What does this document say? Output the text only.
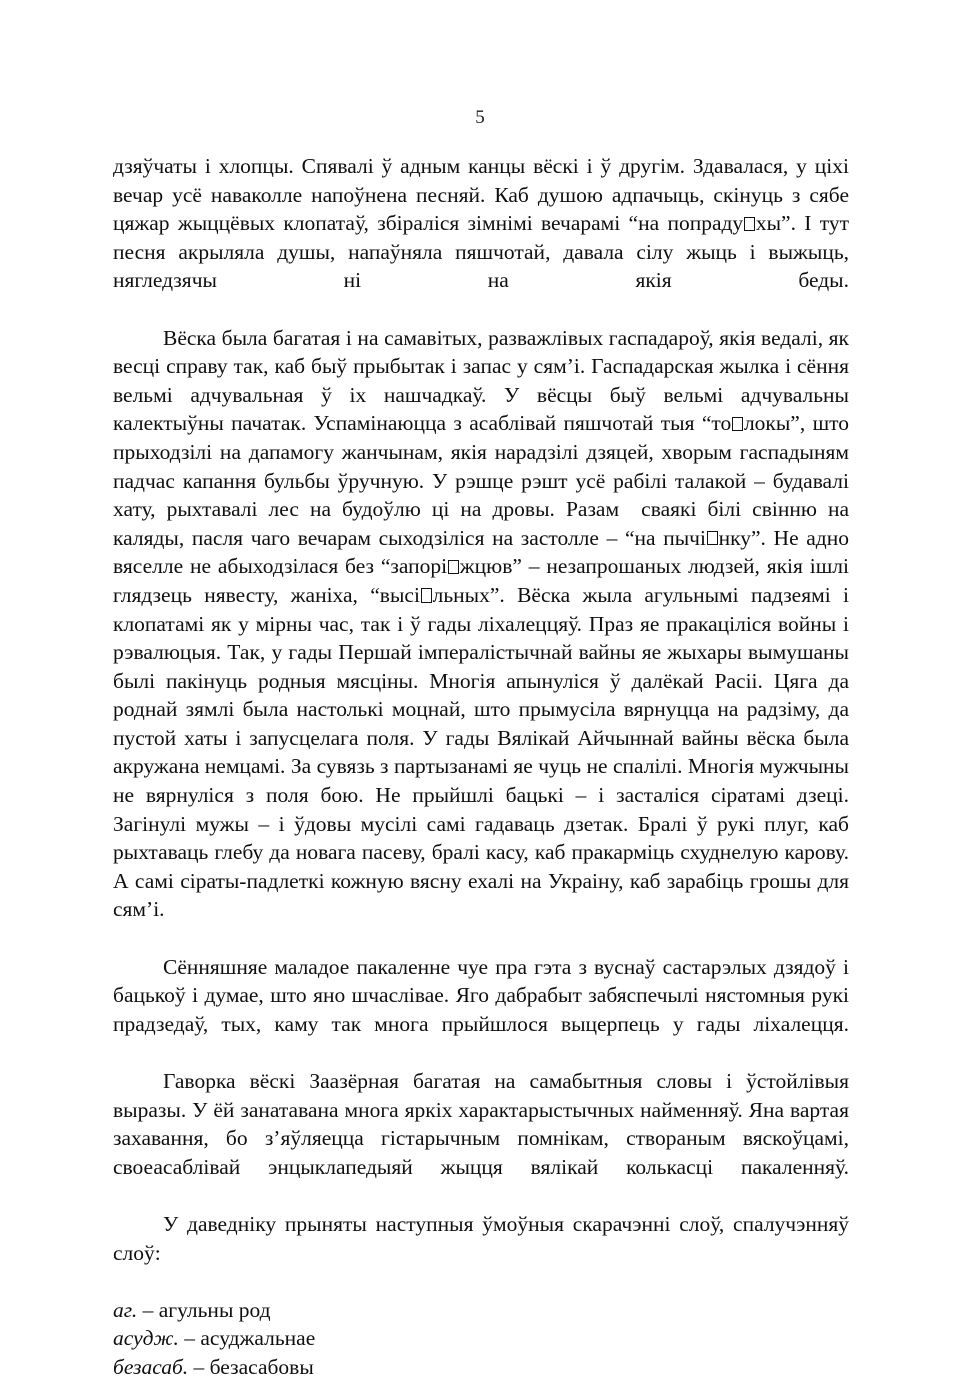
5

дзяўчаты і хлопцы. Спявалі ў адным канцы вёскі і ў другім. Здавалася, у ціхі вечар усё наваколле напоўнена песняй. Каб душою адпачыць, скінуць з сябе цяжар жыццёвых клопатаў, збіраліся зімнімі вечарамі “на попраду хы”. І тут песня акрыляла душы, напаўняла пяшчотай, давала сілу жыць і выжыць, нягледзячы ні на якія беды.

Вёска была багатая і на самавітых, разважлівых гаспадароў, якія ведалі, як весці справу так, каб быў прыбытак і запас у сям’і. Гаспадарская жылка і сёння вельмі адчувальная ў іх нашчадкаў. У вёсцы быў вельмі адчувальны калектыўны пачатак. Успамінаюцца з асаблівай пяшчотай тыя “то локы”, што прыходзілі на дапамогу жанчынам, якія нарадзілі дзяцей, хворым гаспадыням падчас капання бульбы ўручную. У рэшце рэшт усё рабілі талакой – будавалі хату, рыхтавалі лес на будоўлю ці на дровы. Разам  сваякі білі свінню на каляды, пасля чаго вечарам сыходзіліся на застолле – “на пычі нку”. Не адно вяселле не абыходзілася без “запорі жцюв” – незапрошаных людзей, якія ішлі глядзець нявесту, жаніха, “высі льных”. Вёска жыла агульнымі падзеямі і клопатамі як у мірны час, так і ў гады ліхалеццяў. Праз яе пракаціліся войны і рэвалюцыя. Так, у гады Першай імпералістычнай вайны яе жыхары вымушаны былі пакінуць родныя мясціны. Многія апынуліся ў далёкай Расіі. Цяга да роднай зямлі была настолькі моцнай, што прымусіла вярнуцца на радзіму, да пустой хаты і запусцелага поля. У гады Вялікай Айчыннай вайны вёска была акружана немцамі. За сувязь з партызанамі яе чуць не спалілі. Многія мужчыны не вярнуліся з поля бою. Не прыйшлі бацькі – і засталіся сіратамі дзеці. Загінулі мужы – і ўдовы мусілі самі гадаваць дзетак. Бралі ў рукі плуг, каб рыхтаваць глебу да новага пасеву, бралі касу, каб пракарміць схуднелую карову. А самі сіраты-падлеткі кожную вясну ехалі на Украіну, каб зарабіць грошы для сям’і.

Сённяшняе маладое пакаленне чуе пра гэта з вуснаў састарэлых дзядоў і бацькоў і думае, што яно шчаслівае. Яго дабрабыт забяспечылі нястомныя рукі прадзедаў, тых, каму так многа прыйшлося выцерпець у гады ліхалецця.

Гаворка вёскі Заазёрная багатая на самабытныя словы і ўстойлівыя выразы. У ёй занатавана многа яркіх характарыстычных найменняў. Яна вартая захавання, бо з’яўляецца гістарычным помнікам, створаным вяскоўцамі, своеасаблівай энцыклапедыяй жыцця вялікай колькасці пакаленняў.

У даведніку прыняты наступныя ўмоўныя скарачэнні слоў, спалучэнняў слоў:

аг. – агульны род

асудж. – асуджальнае

безасаб. – безасабовы
